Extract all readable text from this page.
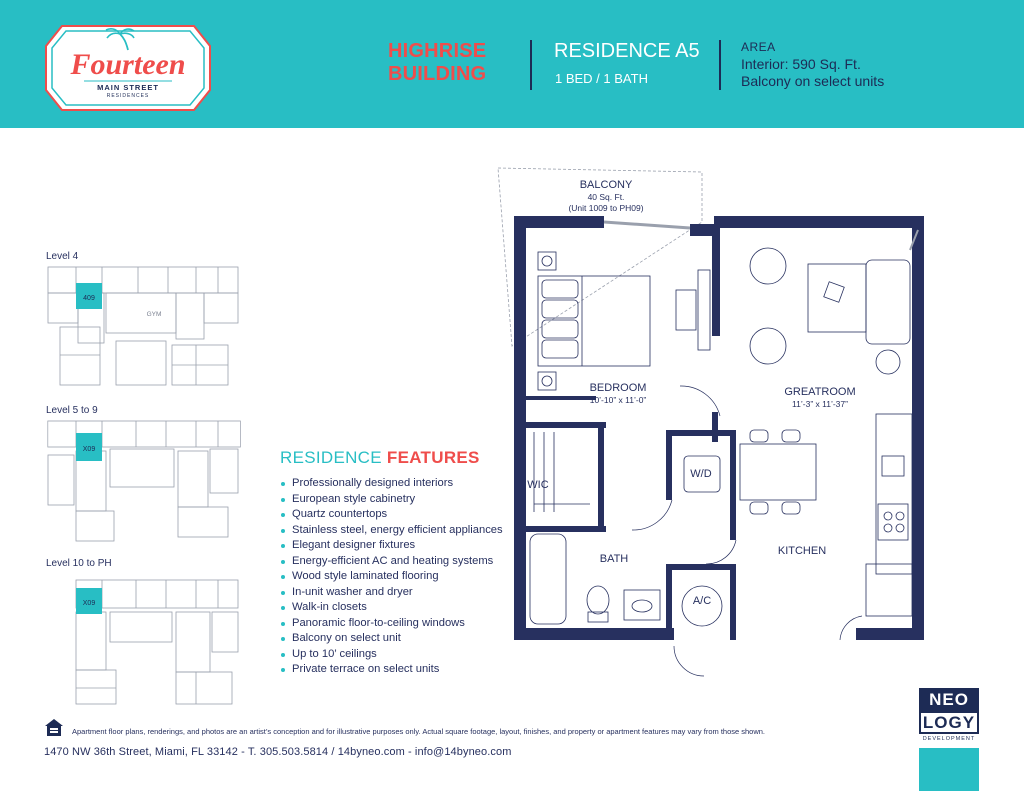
Fourteen
MAIN STREET
RESIDENCES
HIGHRISE
BUILDING
RESIDENCE A5
1 BED / 1 BATH
AREA
Interior: 590 Sq. Ft.
Balcony on select units
Level 4
409
GYM
Level 5 to 9
X09
Level 10 to PH
X09
RESIDENCE FEATURES
Professionally designed interiors
European style cabinetry
Quartz countertops
Stainless steel, energy efficient appliances
Elegant designer fixtures
Energy-efficient AC and heating systems
Wood style laminated flooring
In-unit washer and dryer
Walk-in closets
Panoramic floor-to-ceiling windows
Balcony on select unit
Up to 10’ ceilings
Private terrace on select units
BALCONY
40 Sq. Ft.
(Unit 1009 to PH09)
BEDROOM
10’-10” x 11’-0”
GREATROOM
11’-3” x 11’-37”
WIC
W/D
BATH
KITCHEN
A/C
Apartment floor plans, renderings, and photos are an artist’s conception and for illustrative purposes only. Actual square footage, layout, finishes, and property or apartment features may vary from those shown.
1470 NW 36th Street, Miami, FL 33142 - T. 305.503.5814 / 14byneo.com - info@14byneo.com
NEO
LOGY
DEVELOPMENT
